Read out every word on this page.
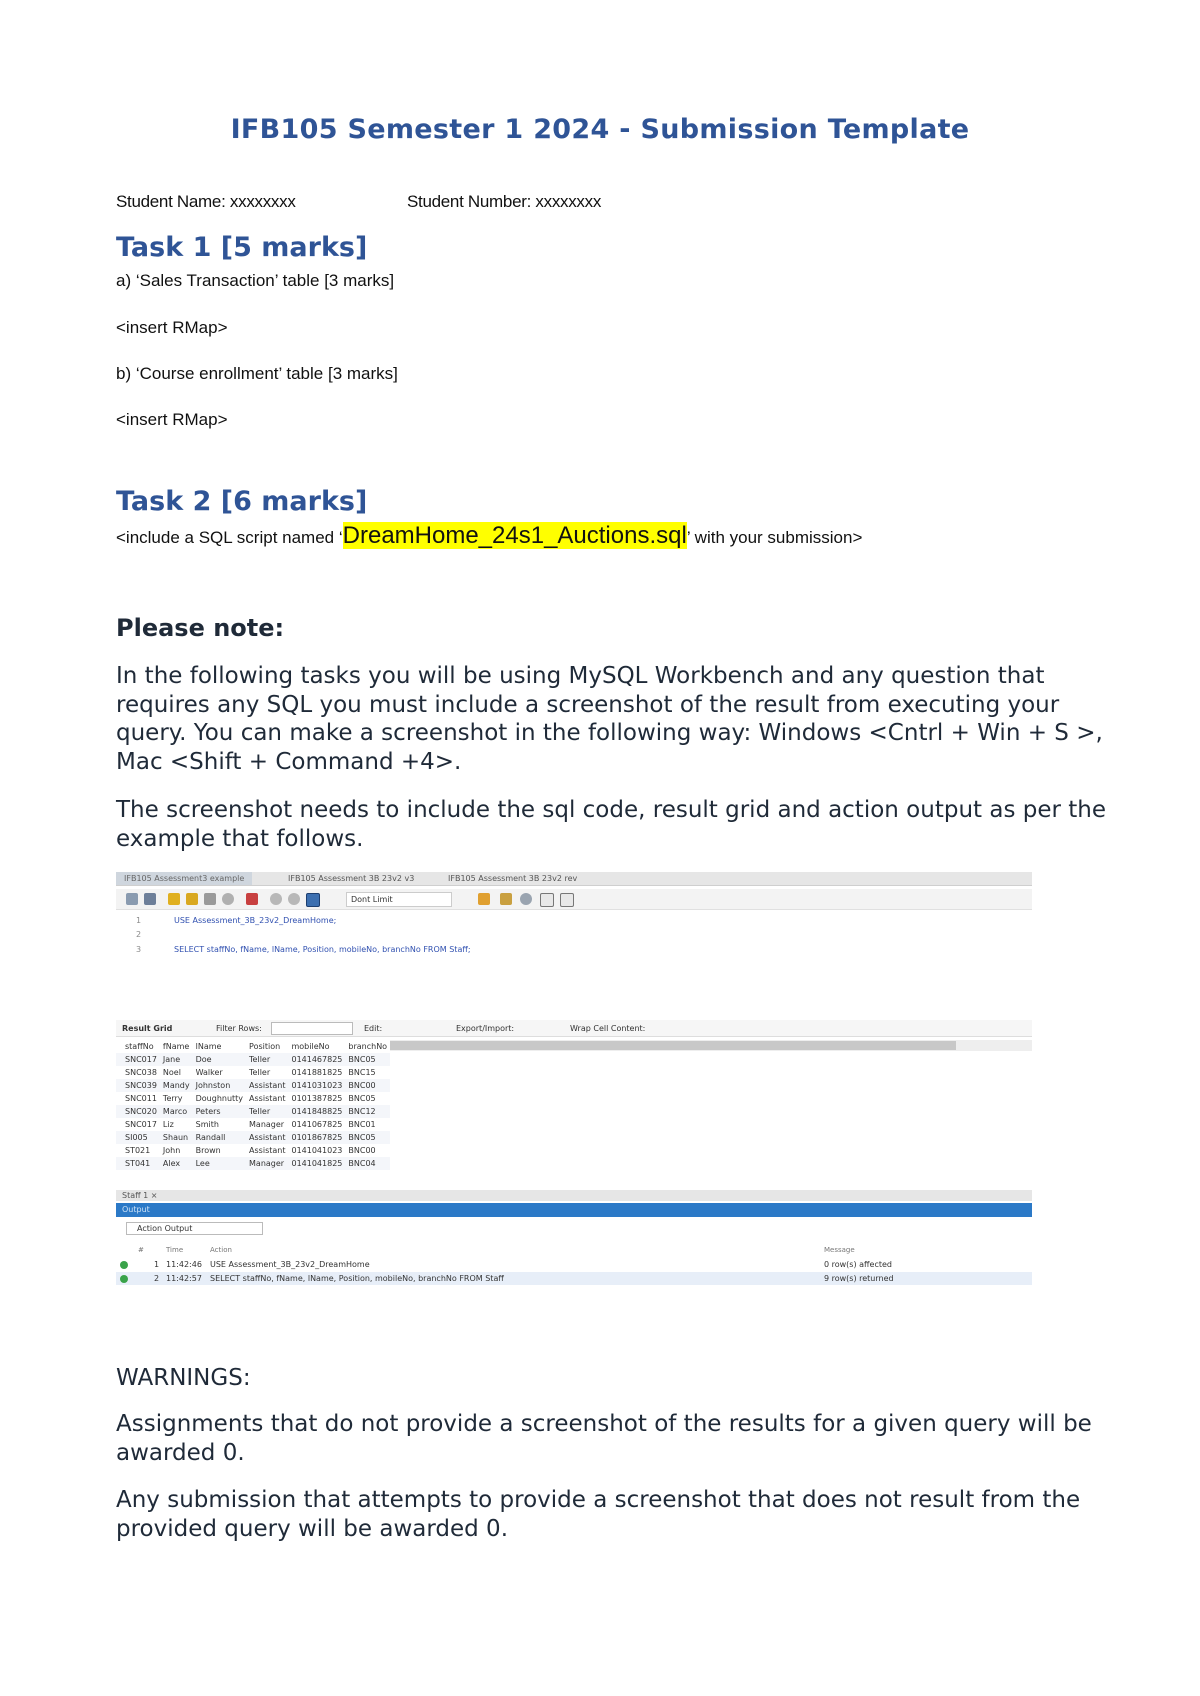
IFB105 Semester 1 2024 - Submission Template
Student Name: xxxxxxxx	Student Number: xxxxxxxx
Task 1 [5 marks]
a) ‘Sales Transaction’ table [3 marks]
<insert RMap>
b) ‘Course enrollment’ table [3 marks]
<insert RMap>
Task 2 [6 marks]
<include a SQL script named ‘DreamHome_24s1_Auctions.sql’ with your submission>
Please note:
In the following tasks you will be using MySQL Workbench and any question that requires any SQL you must include a screenshot of the result from executing your query. You can make a screenshot in the following way: Windows <Cntrl + Win + S >, Mac <Shift + Command +4>.
The screenshot needs to include the sql code, result grid and action output as per the example that follows.
IFB105 Assessment3 example	IFB105 Assessment 3B 23v2 v3	IFB105 Assessment 3B 23v2 rev
Dont Limit
1	USE Assessment_3B_23v2_DreamHome;
2
3	SELECT staffNo, fName, lName, Position, mobileNo, branchNo FROM Staff;
Result Grid	Filter Rows:	Edit:	Export/Import:	Wrap Cell Content:
	staffNo	fName	lName	Position	mobileNo	branchNo
	SNC017	Jane	Doe	Teller	0141467825	BNC05
	SNC038	Noel	Walker	Teller	0141881825	BNC15
	SNC039	Mandy	Johnston	Assistant	0141031023	BNC00
	SNC011	Terry	Doughnutty	Assistant	0101387825	BNC05
	SNC020	Marco	Peters	Teller	0141848825	BNC12
	SNC017	Liz	Smith	Manager	0141067825	BNC01
	SI005	Shaun	Randall	Assistant	0101867825	BNC05
	ST021	John	Brown	Assistant	0141041023	BNC00
	ST041	Alex	Lee	Manager	0141041825	BNC04
Staff 1 ×
Output
Action Output
#	Time	Action	Message
1 11:42:46 USE Assessment_3B_23v2_DreamHome	0 row(s) affected
2 11:42:57 SELECT staffNo, fName, lName, Position, mobileNo, branchNo FROM Staff	9 row(s) returned
WARNINGS:
Assignments that do not provide a screenshot of the results for a given query will be awarded 0.
Any submission that attempts to provide a screenshot that does not result from the provided query will be awarded 0.
